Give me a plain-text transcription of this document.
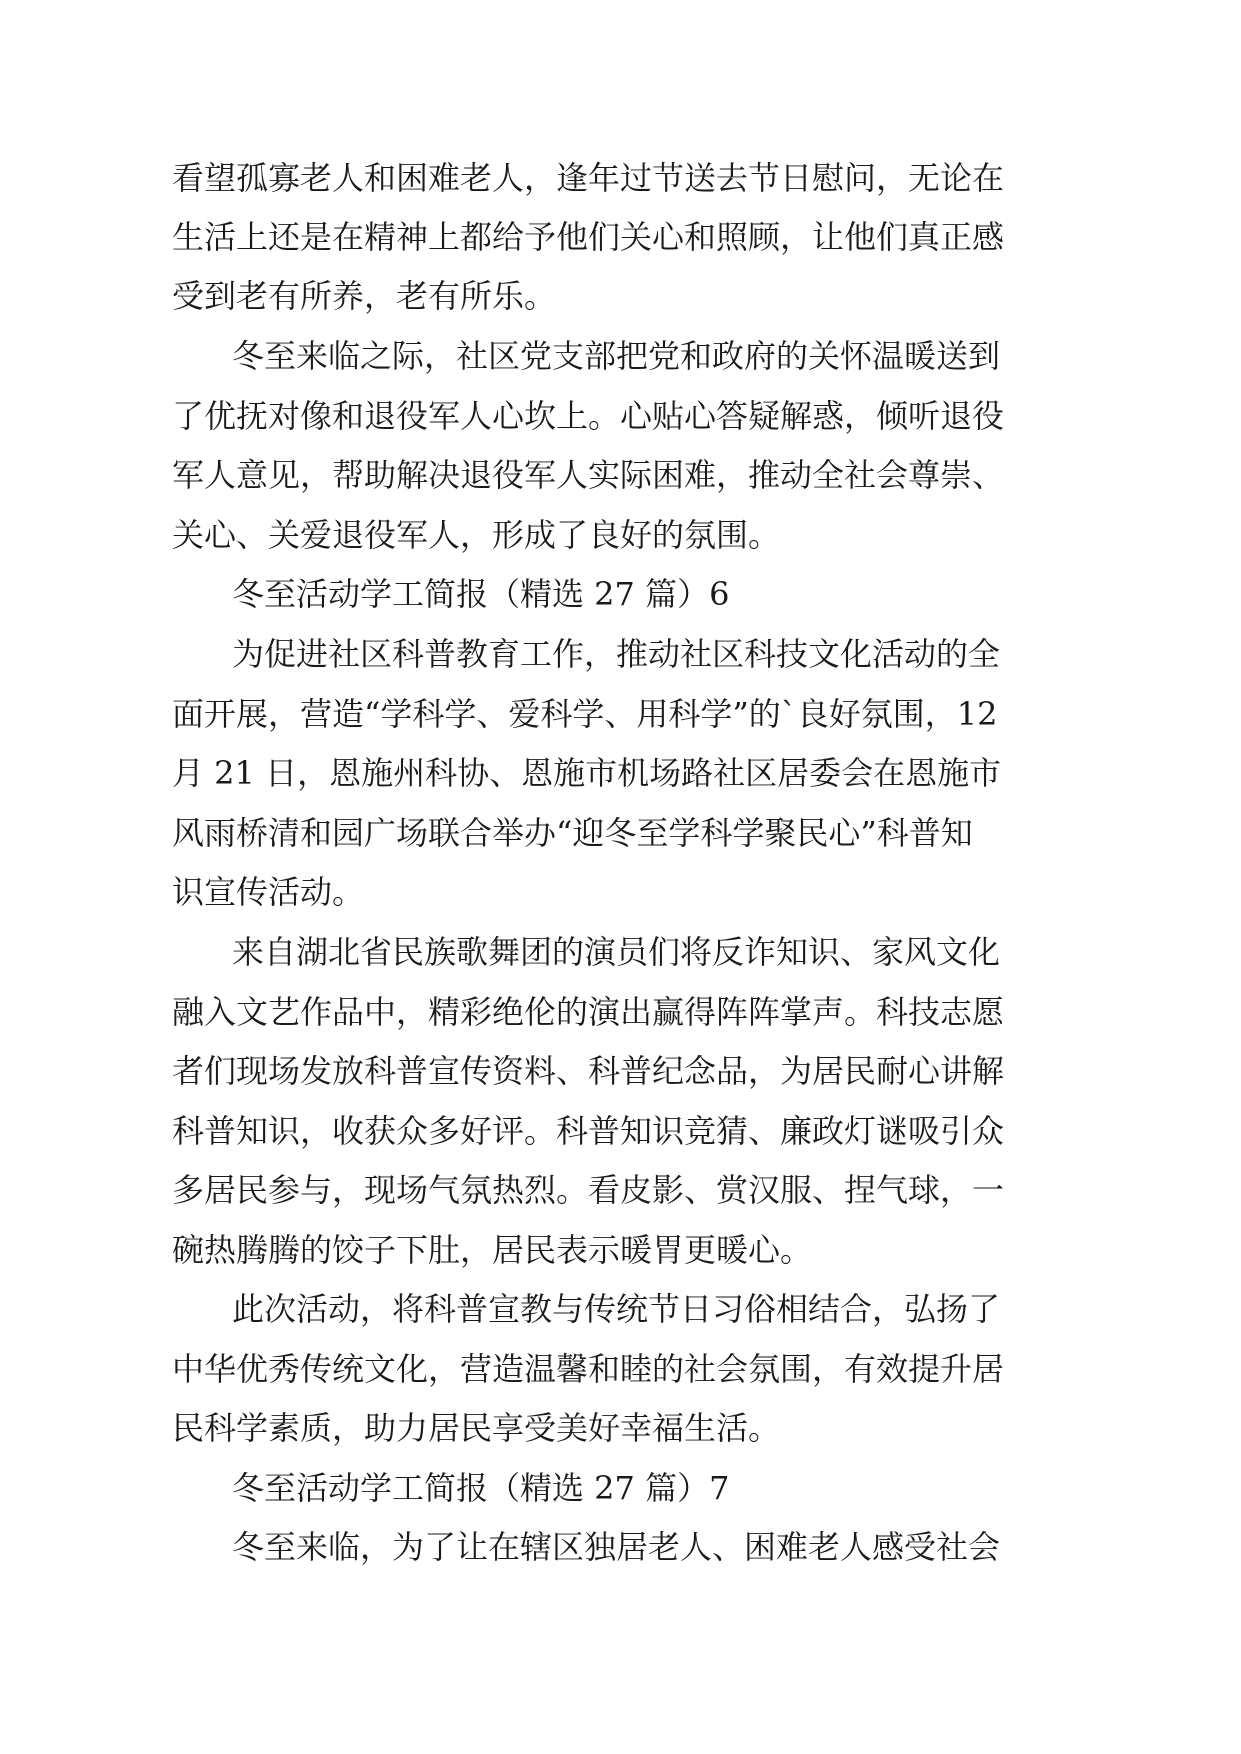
看望孤寡老人和困难老人，逢年过节送去节日慰问，无论在
生活上还是在精神上都给予他们关心和照顾，让他们真正感
受到老有所养，老有所乐。
冬至来临之际，社区党支部把党和政府的关怀温暖送到
了优抚对像和退役军人心坎上。心贴心答疑解惑，倾听退役
军人意见，帮助解决退役军人实际困难，推动全社会尊崇、
关心、关爱退役军人，形成了良好的氛围。
冬至活动学工简报（精选 27 篇）6
为促进社区科普教育工作，推动社区科技文化活动的全
面开展，营造“学科学、爱科学、用科学”的`良好氛围，12
月 21 日，恩施州科协、恩施市机场路社区居委会在恩施市
风雨桥清和园广场联合举办“迎冬至学科学聚民心”科普知
识宣传活动。
来自湖北省民族歌舞团的演员们将反诈知识、家风文化
融入文艺作品中，精彩绝伦的演出赢得阵阵掌声。科技志愿
者们现场发放科普宣传资料、科普纪念品，为居民耐心讲解
科普知识，收获众多好评。科普知识竞猜、廉政灯谜吸引众
多居民参与，现场气氛热烈。看皮影、赏汉服、捏气球，一
碗热腾腾的饺子下肚，居民表示暖胃更暖心。
此次活动，将科普宣教与传统节日习俗相结合，弘扬了
中华优秀传统文化，营造温馨和睦的社会氛围，有效提升居
民科学素质，助力居民享受美好幸福生活。
冬至活动学工简报（精选 27 篇）7
冬至来临，为了让在辖区独居老人、困难老人感受社会
